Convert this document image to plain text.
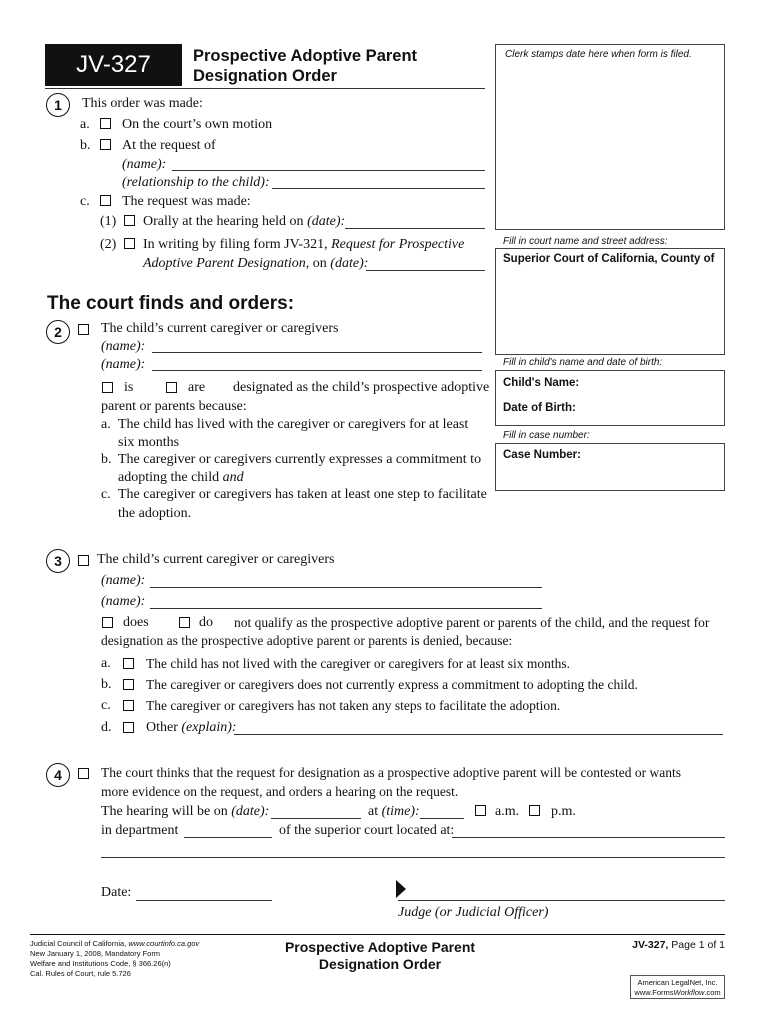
JV-327	Prospective Adoptive Parent
Designation Order
Clerk stamps date here when form is filed.
Fill in court name and street address:
Superior Court of California, County of
Fill in child's name and date of birth:
Child's Name:
Date of Birth:
Fill in case number:
Case Number:
1	This order was made:
a. On the court’s own motion
b. At the request of
(name):
(relationship to the child):
c. The request was made:
(1) Orally at the hearing held on (date):
(2) In writing by filing form JV-321, Request for Prospective
Adoptive Parent Designation, on (date):
The court finds and orders:
2	The child’s current caregiver or caregivers
(name):
(name):
is	are designated as the child’s prospective adoptive
parent or parents because:
a. The child has lived with the caregiver or caregivers for at least
six months
b. The caregiver or caregivers currently expresses a commitment to
adopting the child and
c. The caregiver or caregivers has taken at least one step to facilitate
the adoption.
3	The child’s current caregiver or caregivers
(name):
(name):
does	do not qualify as the prospective adoptive parent or parents of the child, and the request for
designation as the prospective adoptive parent or parents is denied, because:
a.	The child has not lived with the caregiver or caregivers for at least six months.
b.	The caregiver or caregivers does not currently express a commitment to adopting the child.
c.	The caregiver or caregivers has not taken any steps to facilitate the adoption.
d. Other (explain):
4	The court thinks that the request for designation as a prospective adoptive parent will be contested or wants
more evidence on the request, and orders a hearing on the request.
The hearing will be on (date):	at (time):	a.m. p.m.
in department	of the superior court located at:
Date:
Judge (or Judicial Officer)
Judicial Council of California, www.courtinfo.ca.gov
New January 1, 2008, Mandatory Form
Welfare and Institutions Code, § 366.26(n)
Cal. Rules of Court, rule 5.726
Prospective Adoptive Parent
Designation Order
JV-327, Page 1 of 1
American LegalNet, Inc.
www.FormsWorkflow.com
